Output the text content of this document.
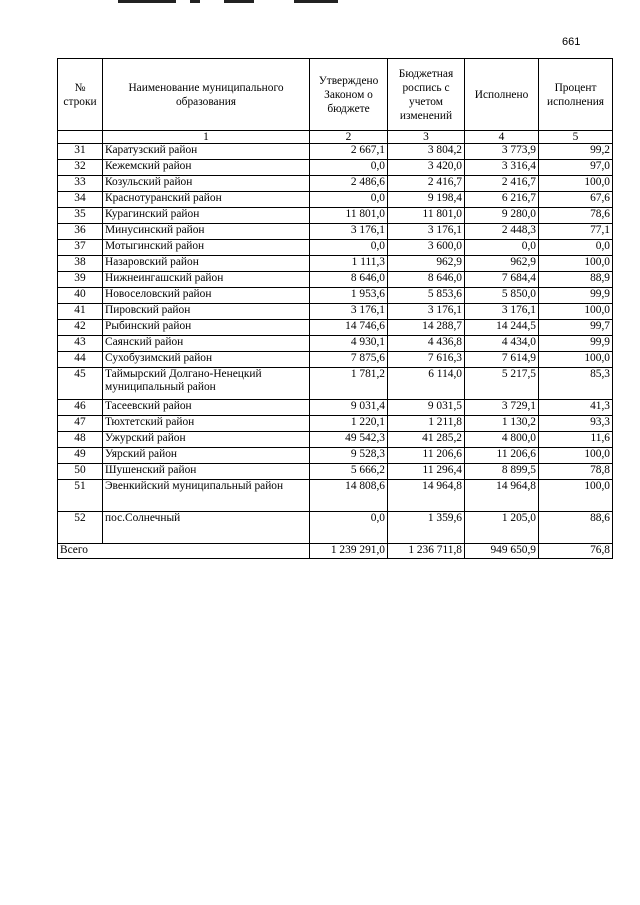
661
№ строки	Наименование муниципального образования	Утверждено Законом о бюджете	Бюджетная роспись с учетом изменений	Исполнено	Процент исполнения
	1	2	3	4	5
31	Каратузский район	2 667,1	3 804,2	3 773,9	99,2
32	Кежемский район	0,0	3 420,0	3 316,4	97,0
33	Козульский район	2 486,6	2 416,7	2 416,7	100,0
34	Краснотуранский район	0,0	9 198,4	6 216,7	67,6
35	Курагинский район	11 801,0	11 801,0	9 280,0	78,6
36	Минусинский район	3 176,1	3 176,1	2 448,3	77,1
37	Мотыгинский район	0,0	3 600,0	0,0	0,0
38	Назаровский район	1 111,3	962,9	962,9	100,0
39	Нижнеингашский район	8 646,0	8 646,0	7 684,4	88,9
40	Новоселовский район	1 953,6	5 853,6	5 850,0	99,9
41	Пировский район	3 176,1	3 176,1	3 176,1	100,0
42	Рыбинский район	14 746,6	14 288,7	14 244,5	99,7
43	Саянский район	4 930,1	4 436,8	4 434,0	99,9
44	Сухобузимский район	7 875,6	7 616,3	7 614,9	100,0
45	Таймырский Долгано-Ненецкий муниципальный район	1 781,2	6 114,0	5 217,5	85,3
46	Тасеевский район	9 031,4	9 031,5	3 729,1	41,3
47	Тюхтетский район	1 220,1	1 211,8	1 130,2	93,3
48	Ужурский район	49 542,3	41 285,2	4 800,0	11,6
49	Уярский район	9 528,3	11 206,6	11 206,6	100,0
50	Шушенский район	5 666,2	11 296,4	8 899,5	78,8
51	Эвенкийский муниципальный район	14 808,6	14 964,8	14 964,8	100,0
52	пос.Солнечный	0,0	1 359,6	1 205,0	88,6
Всего		1 239 291,0	1 236 711,8	949 650,9	76,8
